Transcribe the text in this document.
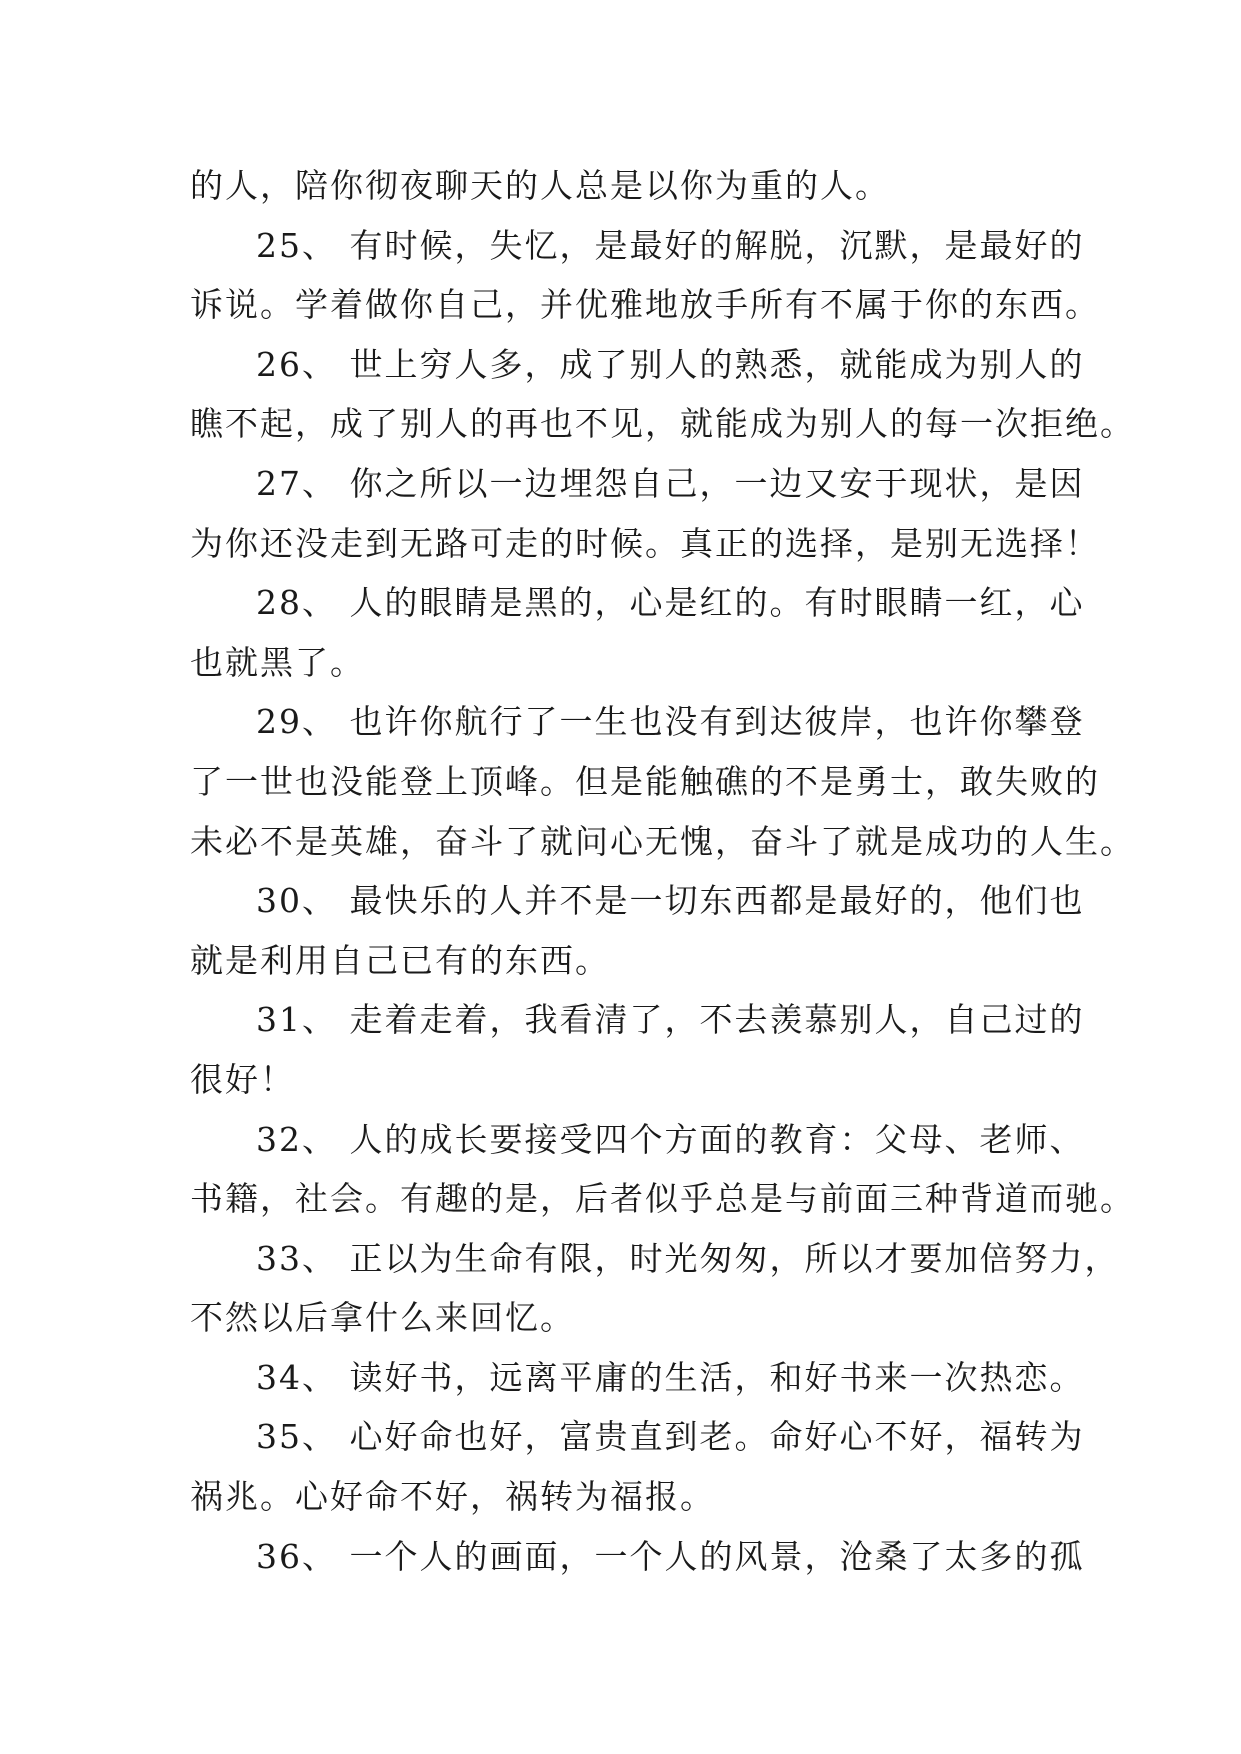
的人，陪你彻夜聊天的人总是以你为重的人。
25、 有时候，失忆，是最好的解脱，沉默，是最好的
诉说。学着做你自己，并优雅地放手所有不属于你的东西。
26、 世上穷人多，成了别人的熟悉，就能成为别人的
瞧不起，成了别人的再也不见，就能成为别人的每一次拒绝。
27、 你之所以一边埋怨自己，一边又安于现状，是因
为你还没走到无路可走的时候。真正的选择，是别无选择！
28、 人的眼睛是黑的，心是红的。有时眼睛一红，心
也就黑了。
29、 也许你航行了一生也没有到达彼岸，也许你攀登
了一世也没能登上顶峰。但是能触礁的不是勇士，敢失败的
未必不是英雄，奋斗了就问心无愧，奋斗了就是成功的人生。
30、 最快乐的人并不是一切东西都是最好的，他们也
就是利用自己已有的东西。
31、 走着走着，我看清了，不去羡慕别人，自己过的
很好！
32、 人的成长要接受四个方面的教育：父母、老师、
书籍，社会。有趣的是，后者似乎总是与前面三种背道而驰。
33、 正以为生命有限，时光匆匆，所以才要加倍努力，
不然以后拿什么来回忆。
34、 读好书，远离平庸的生活，和好书来一次热恋。
35、 心好命也好，富贵直到老。命好心不好，福转为
祸兆。心好命不好，祸转为福报。
36、 一个人的画面，一个人的风景，沧桑了太多的孤
